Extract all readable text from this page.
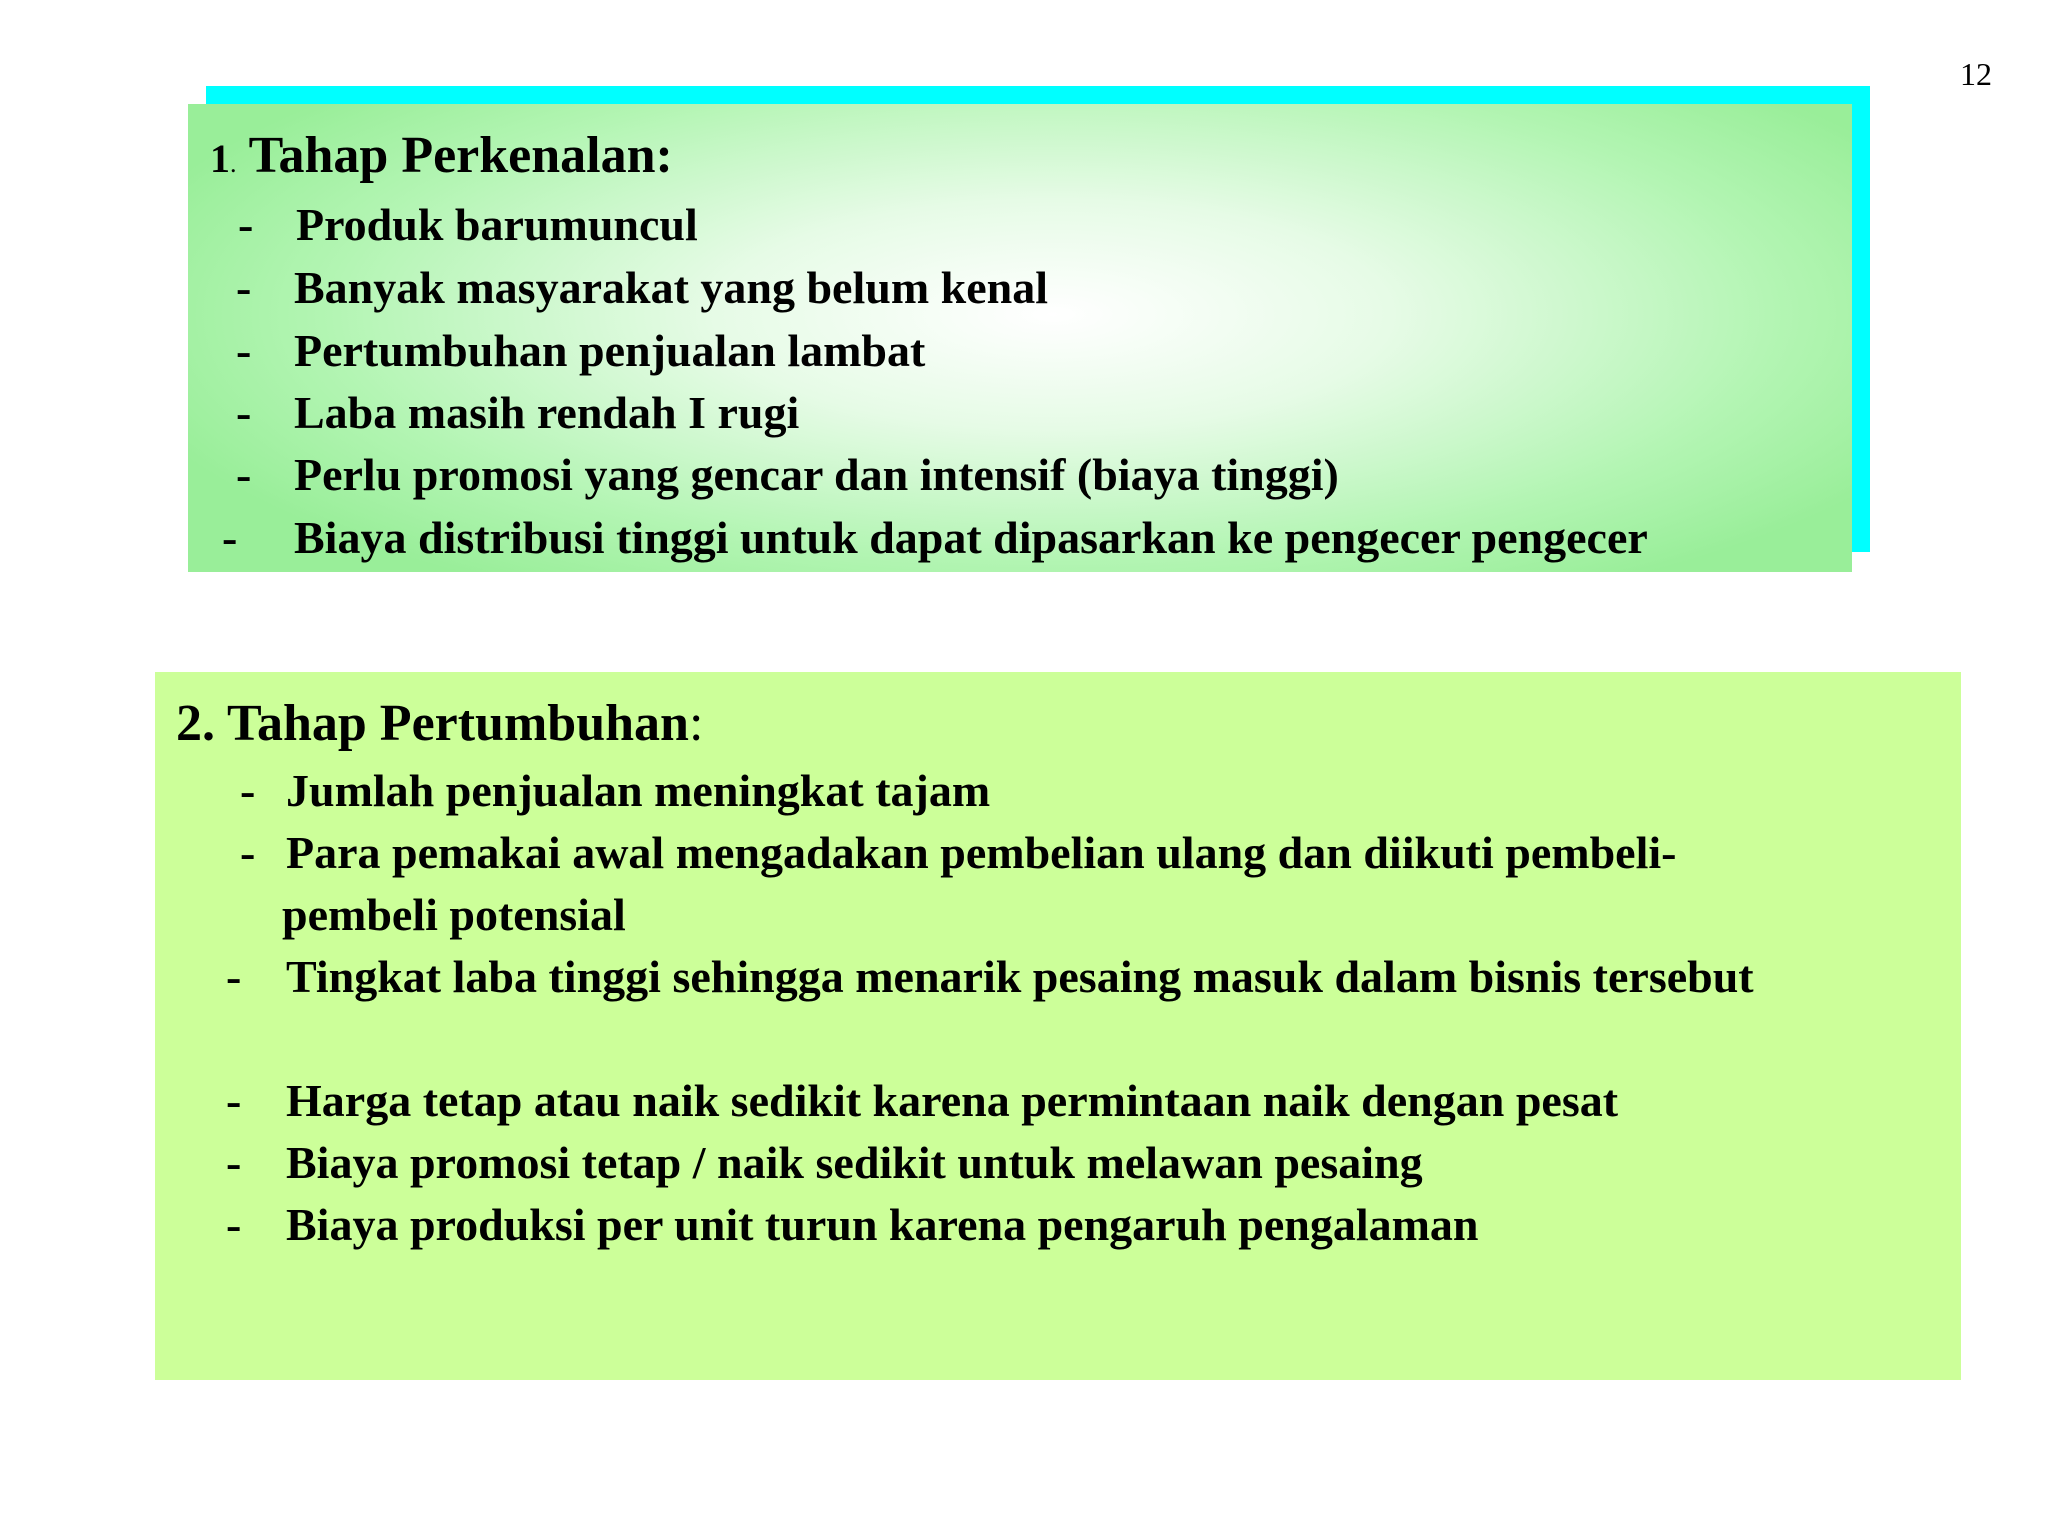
12
1. Tahap Perkenalan:
- Produk barumuncul
- Banyak masyarakat yang belum kenal
- Pertumbuhan penjualan lambat
- Laba masih rendah I rugi
- Perlu promosi yang gencar dan intensif (biaya tinggi)
- Biaya distribusi tinggi untuk dapat dipasarkan ke pengecer pengecer
2. Tahap Pertumbuhan:
- Jumlah penjualan meningkat tajam
- Para pemakai awal mengadakan pembelian ulang dan diikuti pembeli-
pembeli potensial
- Tingkat laba tinggi sehingga menarik pesaing masuk dalam bisnis tersebut
- Harga tetap atau naik sedikit karena permintaan naik dengan pesat
- Biaya promosi tetap / naik sedikit untuk melawan pesaing
- Biaya produksi per unit turun karena pengaruh pengalaman
